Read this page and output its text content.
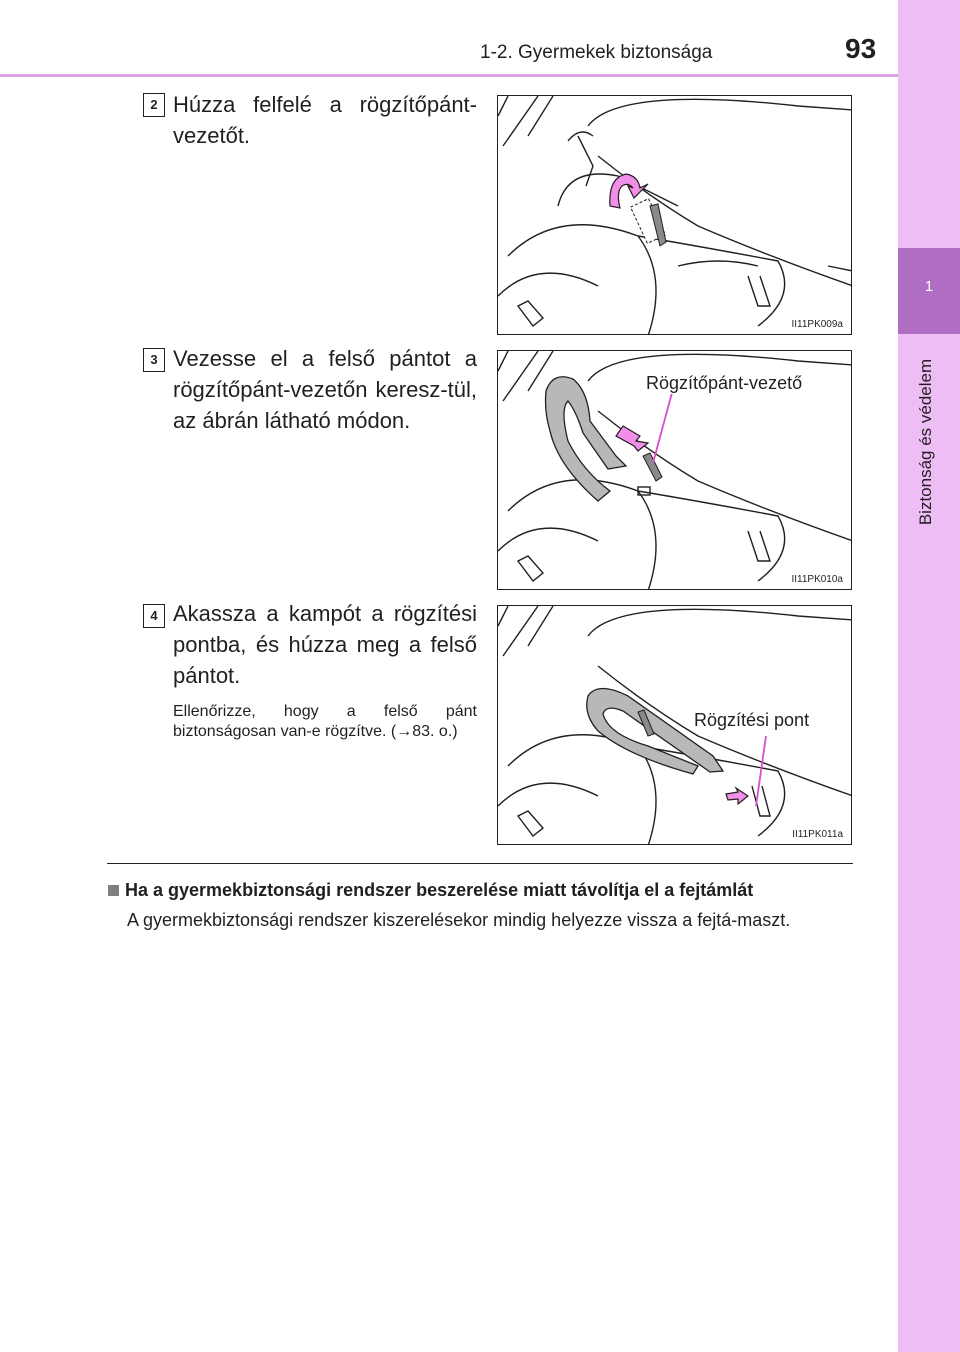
1-2. Gyermekek biztonsága	93
1
Biztonság és védelem
2 Húzza felfelé a rögzítőpánt-vezetőt.
II11PK009a
3 Vezesse el a felső pántot a rögzítőpánt-vezetőn keresz-tül, az ábrán látható módon.
Rögzítőpánt-vezető
II11PK010a
4 Akassza a kampót a rögzítési pontba, és húzza meg a felső pántot.
Ellenőrizze, hogy a felső pánt biztonságosan van-e rögzítve. (→83. o.)
Rögzítési pont
II11PK011a
Ha a gyermekbiztonsági rendszer beszerelése miatt távolítja el a fejtámlát
A gyermekbiztonsági rendszer kiszerelésekor mindig helyezze vissza a fejtá-maszt.
